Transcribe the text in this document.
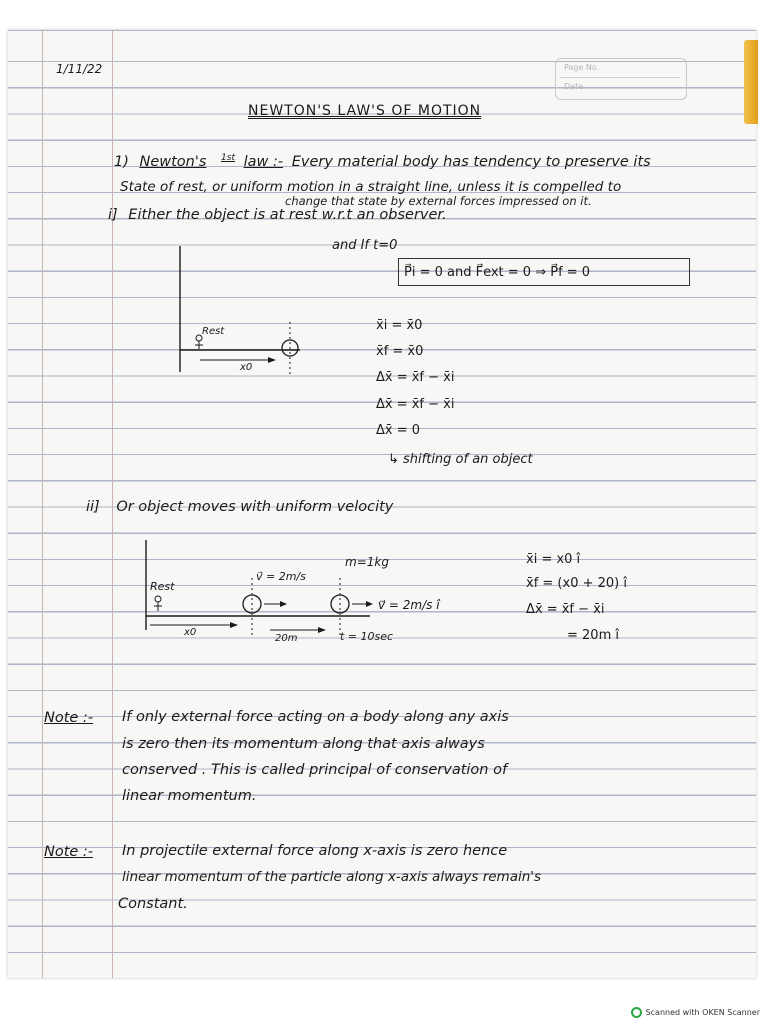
Page No.
Date
1/11/22
NEWTON'S LAW'S OF MOTION
1) Newton's $^{1st}$ law :- Every material body has tendency to preserve its
State of rest, or uniform motion in a straight line, unless it is compelled to
change that state by external forces impressed on it.
i] Either the object is at rest w.r.t an observer.
and If t=0
P⃗i = 0 and F⃗ext = 0 ⇒ P⃗f = 0
Rest
x0
x̄i = x̄0
x̄f = x̄0
Δx̄ = x̄f − x̄i
Δx̄ = x̄f − x̄i
Δx̄ = 0
↳ shifting of an object
ii] Or object moves with uniform velocity
m=1kg
v⃗ = 2m/s
v⃗ = 2m/s î
Rest
x0
20m	t = 10sec
x̄i = x0 î
x̄f = (x0 + 20) î
Δx̄ = x̄f − x̄i
= 20m î
Note :- If only external force acting on a body along any axis
is zero then its momentum along that axis always
conserved . This is called principal of conservation of
linear momentum.
Note :- In projectile external force along x-axis is zero hence
linear momentum of the particle along x-axis always remain's
Constant.
Scanned with OKEN Scanner
